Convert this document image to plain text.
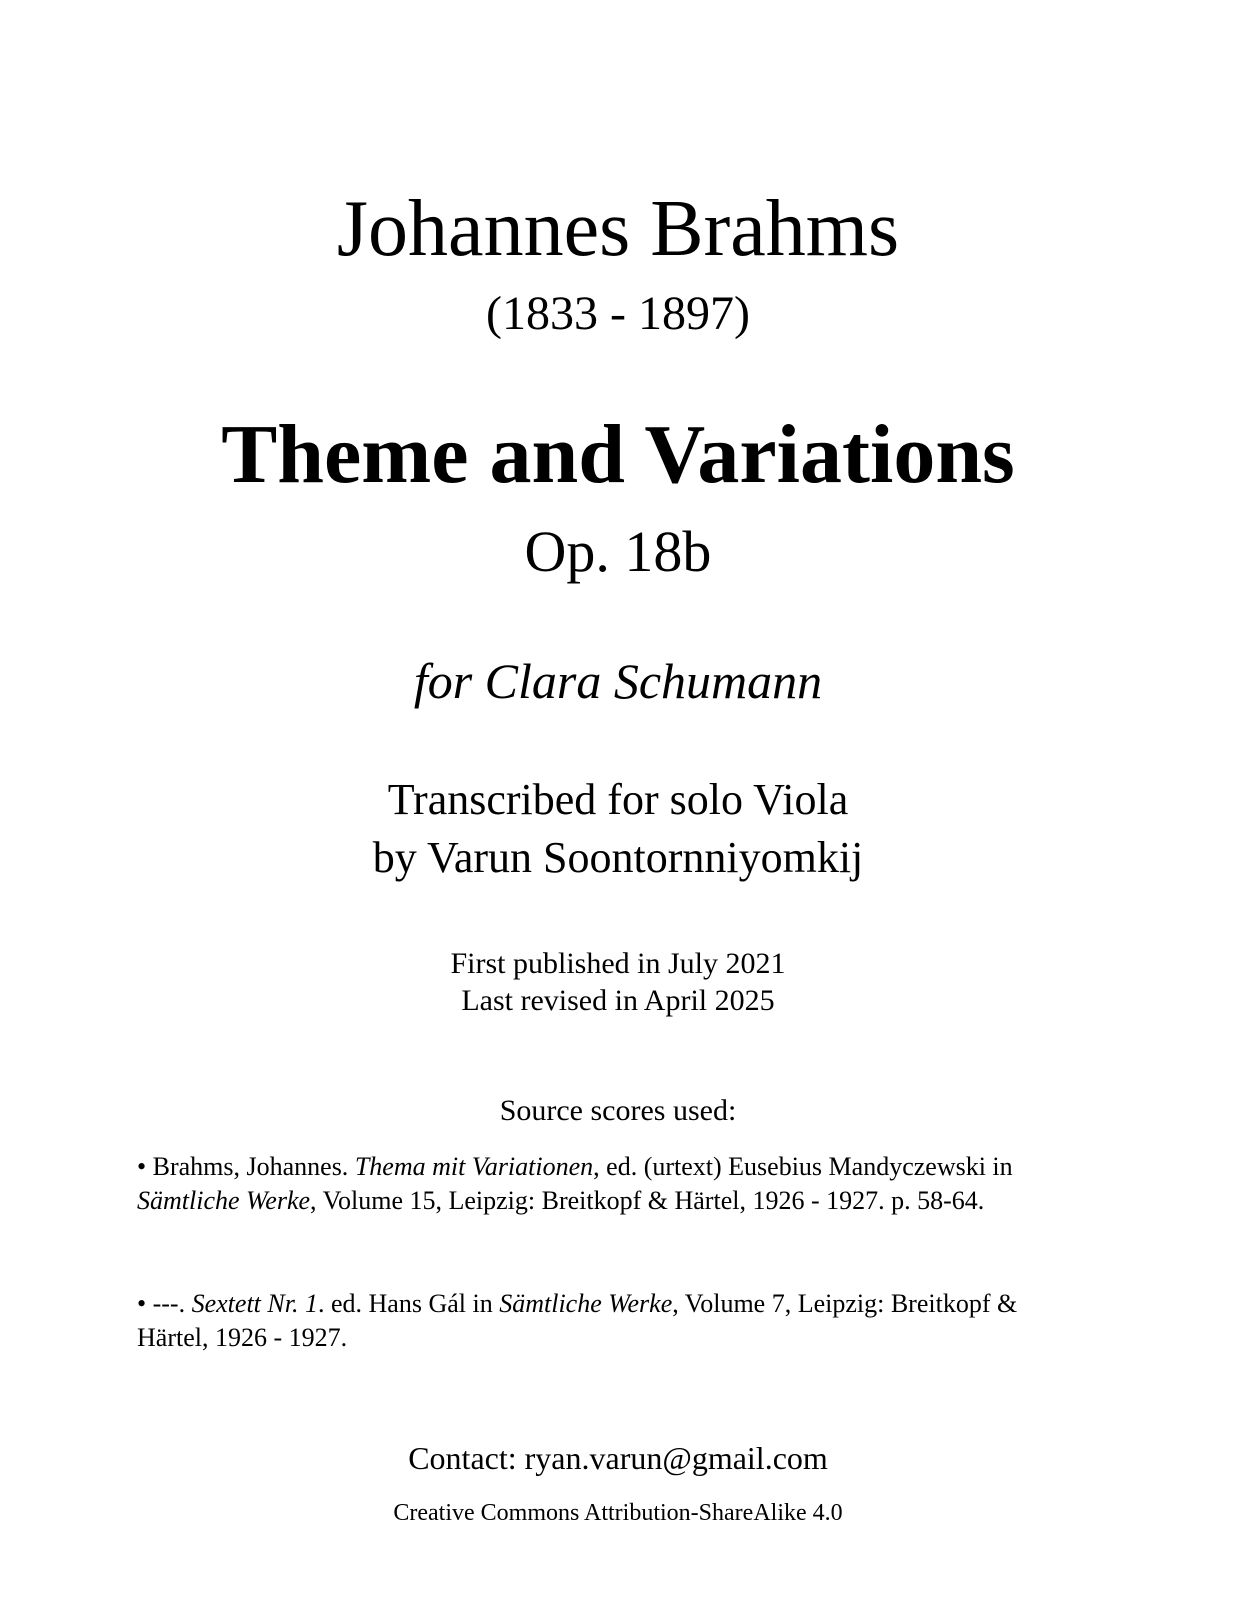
Johannes Brahms
(1833 - 1897)
Theme and Variations
Op. 18b
for Clara Schumann
Transcribed for solo Viola
by Varun Soontornniyomkij
First published in July 2021
Last revised in April 2025
Source scores used:
• Brahms, Johannes. Thema mit Variationen, ed. (urtext) Eusebius Mandyczewski in Sämtliche Werke, Volume 15, Leipzig: Breitkopf & Härtel, 1926 - 1927. p. 58-64.
• ---. Sextett Nr. 1. ed. Hans Gál in Sämtliche Werke, Volume 7, Leipzig: Breitkopf & Härtel, 1926 - 1927.
Contact: ryan.varun@gmail.com
Creative Commons Attribution-ShareAlike 4.0
